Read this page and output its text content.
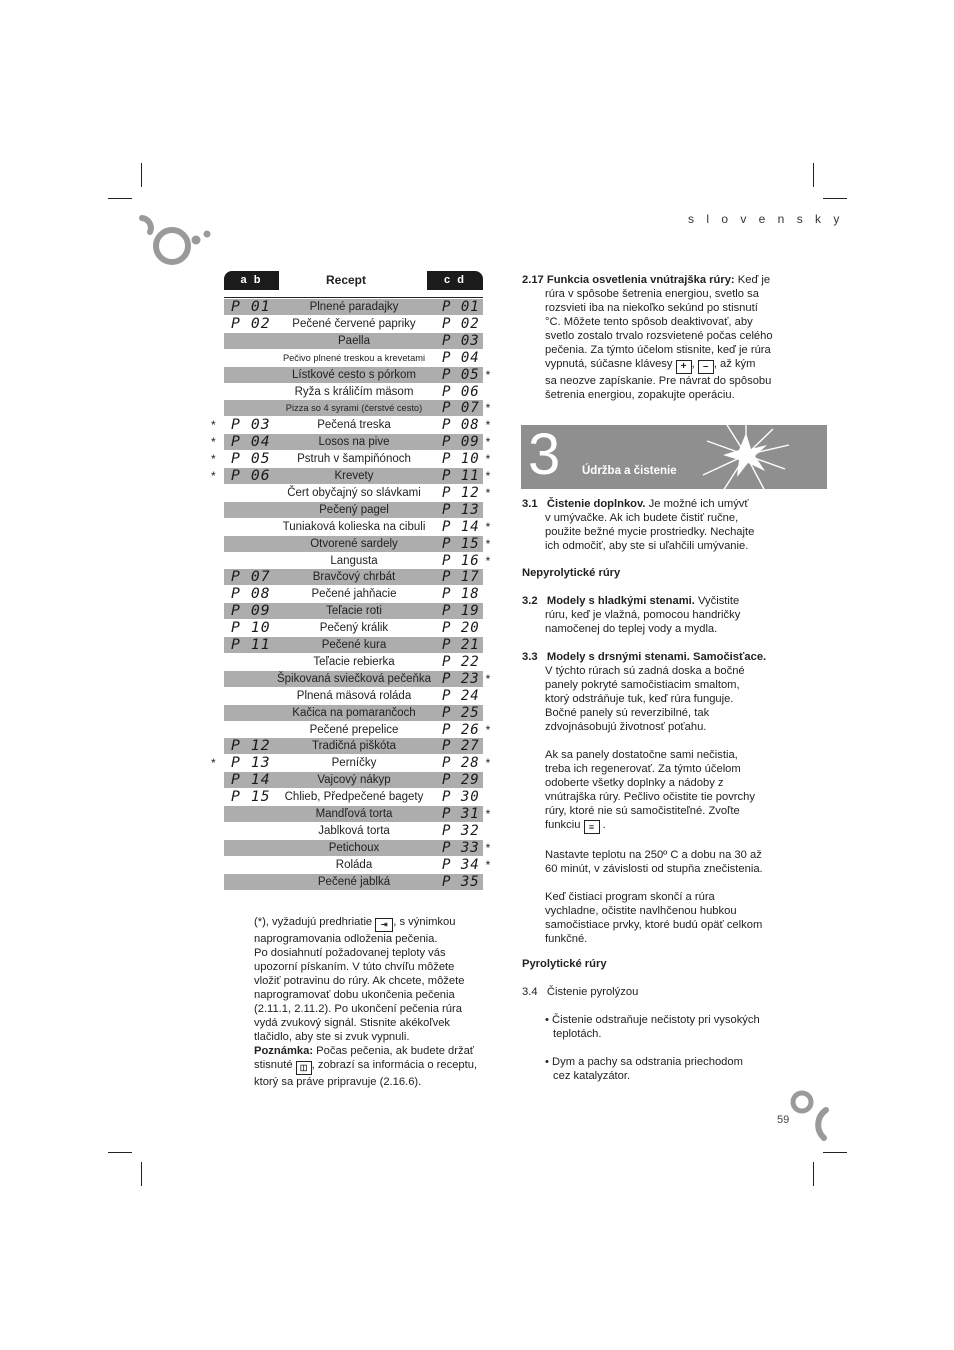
s l o v e n s k y
a b	Recept	c d
P 01	Plnené paradajky	P 01
P 02	Pečené červené papriky	P 02
Paella	P 03
Pečivo plnené treskou a krevetami	P 04
Lístkové cesto s pórkom	P 05 *
Ryža s králičím mäsom	P 06
Pizza so 4 syrami (čerstvé cesto)	P 07 *
* P 03	Pečená treska	P 08 *
* P 04	Losos na pive	P 09 *
* P 05	Pstruh v šampiňónoch	P 10 *
* P 06	Krevety	P 11 *
Čert obyčajný so slávkami	P 12 *
Pečený pagel	P 13
Tuniaková kolieska na cibuli	P 14 *
Otvorené sardely	P 15 *
Langusta	P 16 *
P 07	Bravčový chrbát	P 17
P 08	Pečené jahňacie	P 18
P 09	Teľacie roti	P 19
P 10	Pečený králik	P 20
P 11	Pečené kura	P 21
Teľacie rebierka	P 22
Špikovaná sviečková pečeňka P 23 *
Plnená mäsová roláda	P 24
Kačica na pomarančoch	P 25
Pečené prepelice	P 26 *
P 12	Tradičná piškóta	P 27
* P 13	Perníčky	P 28 *
P 14	Vajcový nákyp	P 29
P 15	Chlieb, Předpečené bagety	P 30
Mandľová torta	P 31 *
Jablková torta	P 32
Petichoux	P 33 *
Roláda	P 34 *
Pečené jablká	P 35
(*), vyžadujú predhriatie ⇥ , s výnimkou
naprogramovania odloženia pečenia.
Po dosiahnutí požadovanej teploty vás
upozorní pískaním. V túto chvíľu môžete
vložiť potravinu do rúry. Ak chcete, môžete
naprogramovať dobu ukončenia pečenia
(2.11.1, 2.11.2). Po ukončení pečenia rúra
vydá zvukový signál. Stisnite akékoľvek
tlačidlo, aby ste si zvuk vypnuli.
Poznámka: Počas pečenia, ak budete držať
stisnuté ◫ , zobrazí sa informácia o receptu,
ktorý sa práve pripravuje (2.16.6).
2.17 Funkcia osvetlenia vnútrajška rúry: Keď je
rúra v spôsobe šetrenia energiou, svetlo sa
rozsvieti iba na niekoľko sekúnd po stisnutí
°C. Môžete tento spôsob deaktivovať, aby
svetlo zostalo trvalo rozsvietené počas celého
pečenia. Za týmto účelom stisnite, keď je rúra
vypnutá, súčasne klávesy + , – , až kým
sa neozve zapískanie. Pre návrat do spôsobu
šetrenia energiou, zopakujte operáciu.
3 Údržba a čistenie
3.1 Čistenie doplnkov. Je možné ich umývť
v umývačke. Ak ich budete čistiť ručne,
použite bežné mycie prostriedky. Nechajte
ich odmočiť, aby ste si uľahčili umývanie.
Nepyrolytické rúry
3.2 Modely s hladkými stenami. Vyčistite
rúru, keď je vlažná, pomocou handričky
namočenej do teplej vody a mydla.
3.3 Modely s drsnými stenami. Samočisťace.
V týchto rúrach sú zadná doska a bočné
panely pokryté samočistiacim smaltom,
ktorý odstráňuje tuk, keď rúra funguje.
Bočné panely sú reverzibilné, tak
zdvojnásobujú životnosť poťahu.
Ak sa panely dostatočne sami nečistia,
treba ich regenerovať. Za týmto účelom
odoberte všetky doplnky a nádoby z
vnútrajška rúry. Pečlivo očistite tie povrchy
rúry, ktoré nie sú samočistiteľné. Zvoľte
funkciu ≡ .
Nastavte teplotu na 250º C a dobu na 30 až
60 minút, v závislosti od stupňa znečistenia.
Keď čistiaci program skončí a rúra
vychladne, očistite navlhčenou hubkou
samočistiace prvky, ktoré budú opäť celkom
funkčné.
Pyrolytické rúry
3.4 Čistenie pyrolýzou
• Čistenie odstraňuje nečistoty pri vysokých
teplotách.
• Dym a pachy sa odstrania priechodom
cez katalyzátor.
59
